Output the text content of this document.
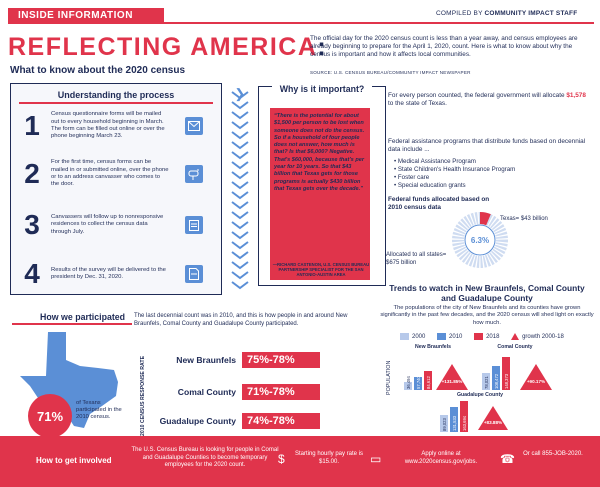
INSIDE INFORMATION	COMPILED BY COMMUNITY IMPACT STAFF
REFLECTING AMERICA:
What to know about the 2020 census
The official day for the 2020 census count is less than a year away, and census employees are already beginning to prepare for the April 1, 2020, count. Here is what to know about why the census is important and how it affects local communities.
SOURCE: U.S. CENSUS BUREAU/COMMUNITY IMPACT NEWSPAPER
Understanding the process
1	Census questionnaire forms will be mailed out to every household beginning in March. The form can be filled out online or over the phone beginning March 23.
2	For the first time, census forms can be mailed in or submitted online, over the phone or to an address canvasser who comes to the door.
3	Canvassers will follow up to nonresponsive residences to collect the census data through July.
4	Results of the survey will be delivered to the president by Dec. 31, 2020.
❯	Why is it important?
“There is the potential for about $1,500 per person to be lost when someone does not do the census. So if a household of four people does not answer, how much is that? Is that $6,000? Negative. That's $60,000, because that's per year for 10 years. So that $43 billion that Texas gets for those programs is actually $430 billion that Texas gets over the decade.”
—RICHARD CASTENON, U.S. CENSUS BUREAU PARTNERSHIP SPECIALIST FOR THE SAN ANTONIO-AUSTIN AREA
For every person counted, the federal government will allocate $1,578 to the state of Texas.
Federal assistance programs that distribute funds based on decennial data include ...
• Medical Assistance Program
• State Children's Health Insurance Program
• Foster care
• Special education grants
Federal funds allocated based on 2010 census data
6.3%
Texas= $43 billion
Allocated to all states= $675 billion
Trends to watch in New Braunfels, Comal County and Guadalupe County
The populations of the city of New Braunfels and its counties have grown significantly in the past few decades, and the 2020 census will shed light on exactly how much.
2000
	2010
	2018
	growth 2000-18
POPULATION
New Braunfels
36,494 57,740 84,612	+131.85%
Comal County
78,021 108,472 148,373	+90.17%
Guadalupe County
89,023 131,533 163,694	+83.88%
How we participated The last decennial count was in 2010, and this is how people in and around New Braunfels, Comal County and Guadalupe County participated.
71%
of Texans participated in the 2010 census.	2010 CENSUS RESPONSE RATE	New Braunfels	75%-78%
Comal County	71%-78%
Guadalupe County	74%-78%
How to get involved
The U.S. Census Bureau is looking for people in Comal and Guadalupe Counties to become temporary employees for the 2020 count.	$	Starting hourly pay rate is $15.00.	▭	Apply online at www.2020census.gov/jobs.	☎	Or call 855-JOB-2020.
